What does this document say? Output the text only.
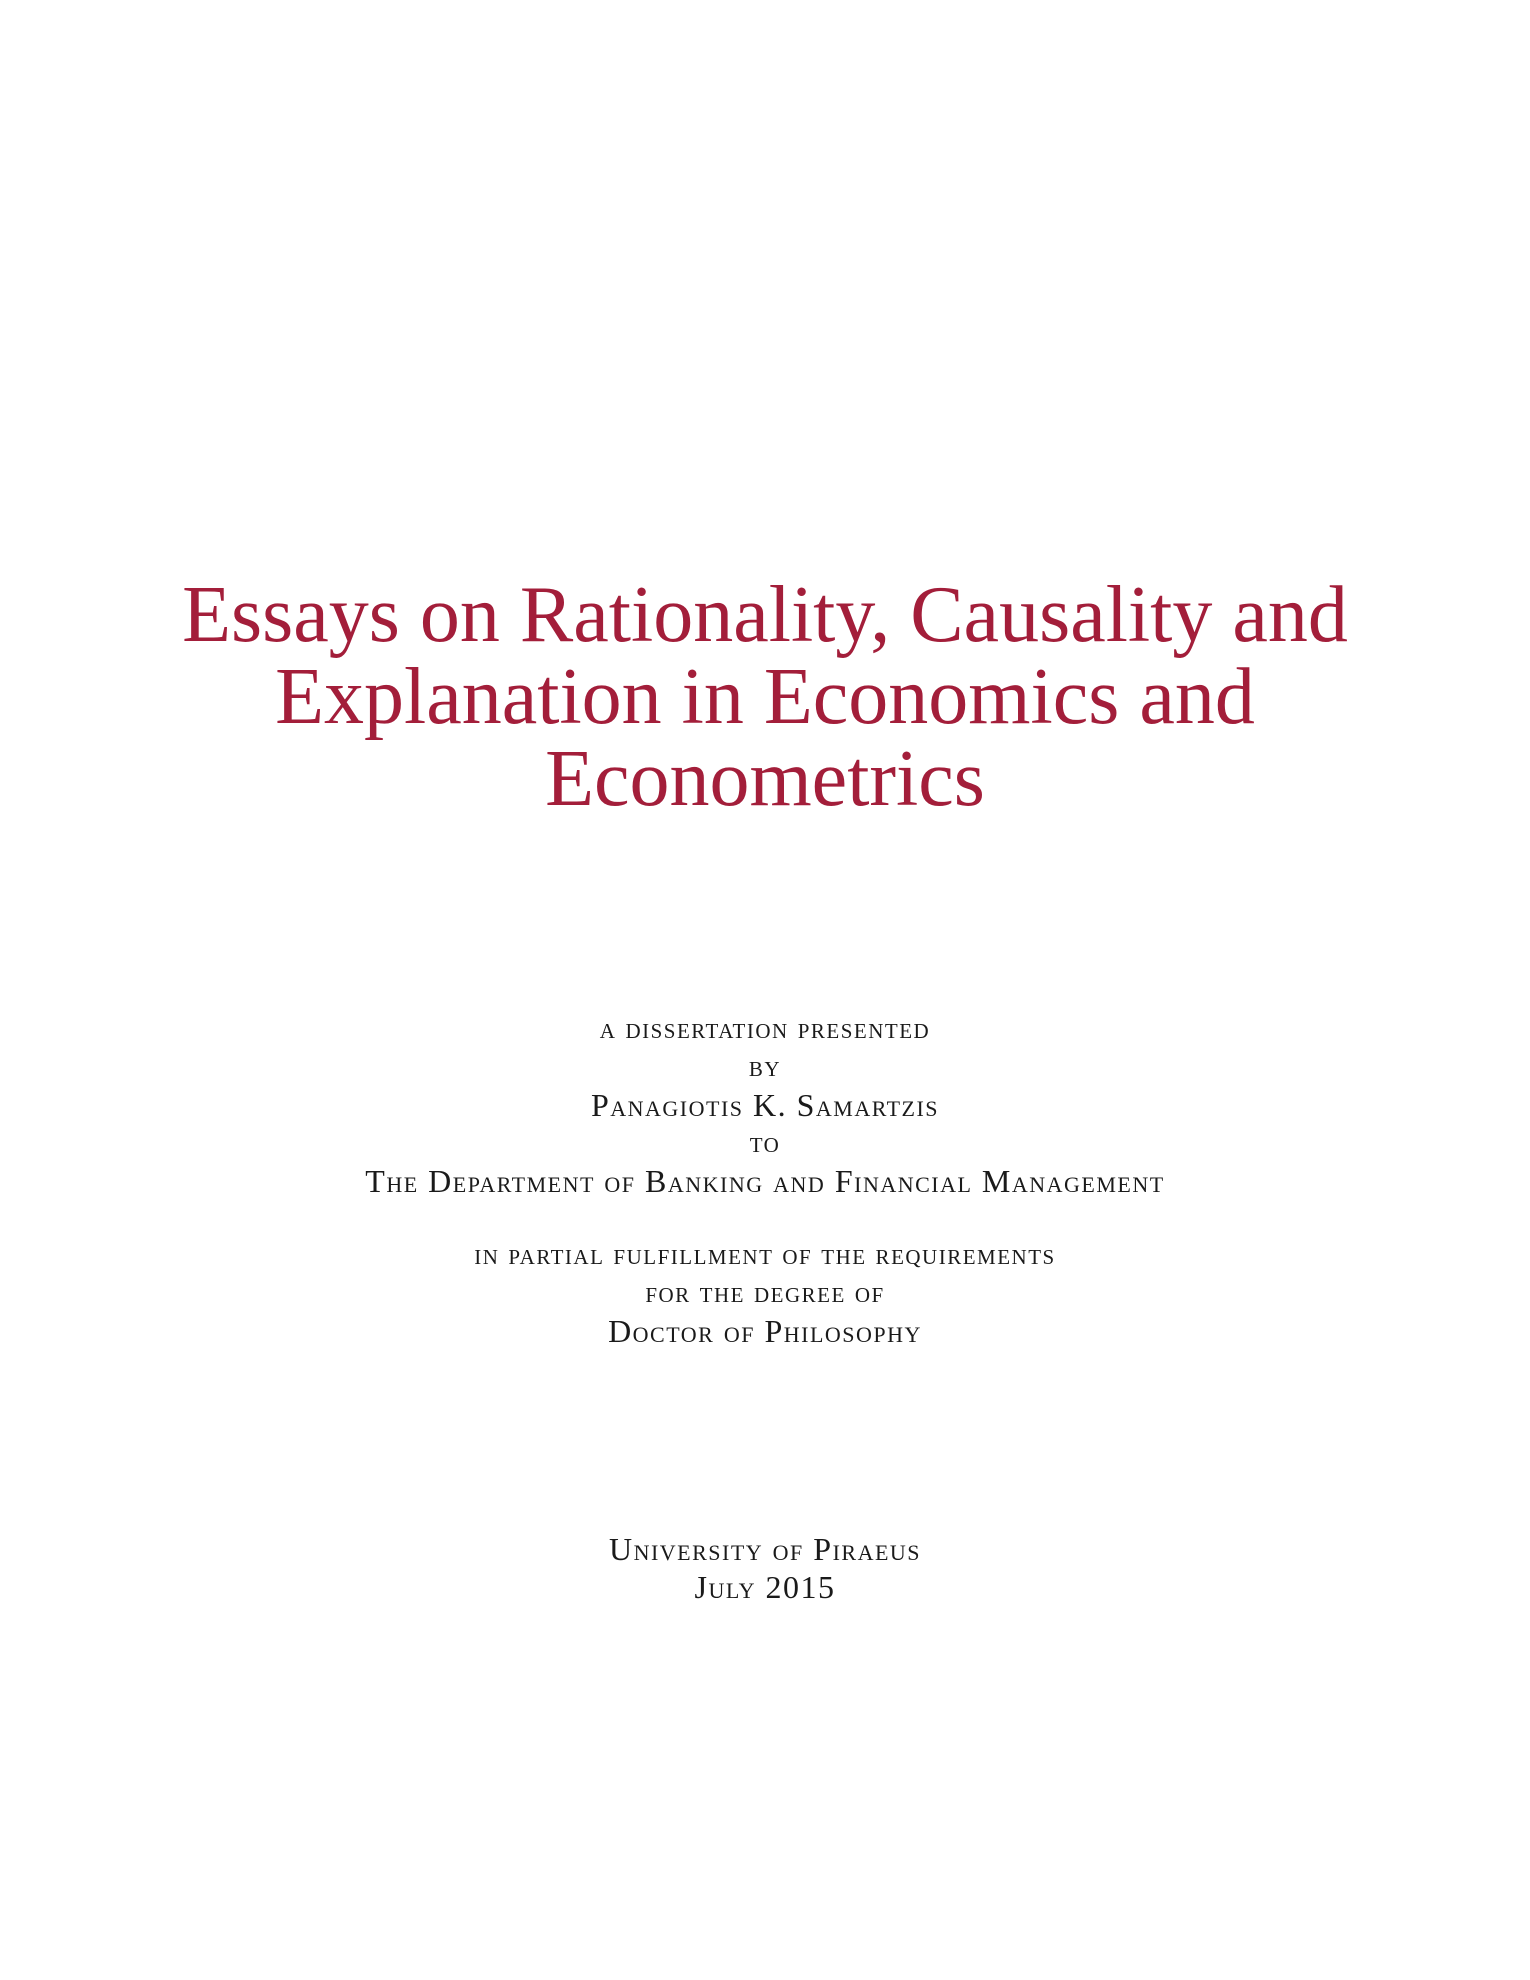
Essays on Rationality, Causality and
Explanation in Economics and
Econometrics
a dissertation presented
by
Panagiotis K. Samartzis
to
The Department of Banking and Financial Management
in partial fulfillment of the requirements
for the degree of
Doctor of Philosophy
University of Piraeus
July 2015
